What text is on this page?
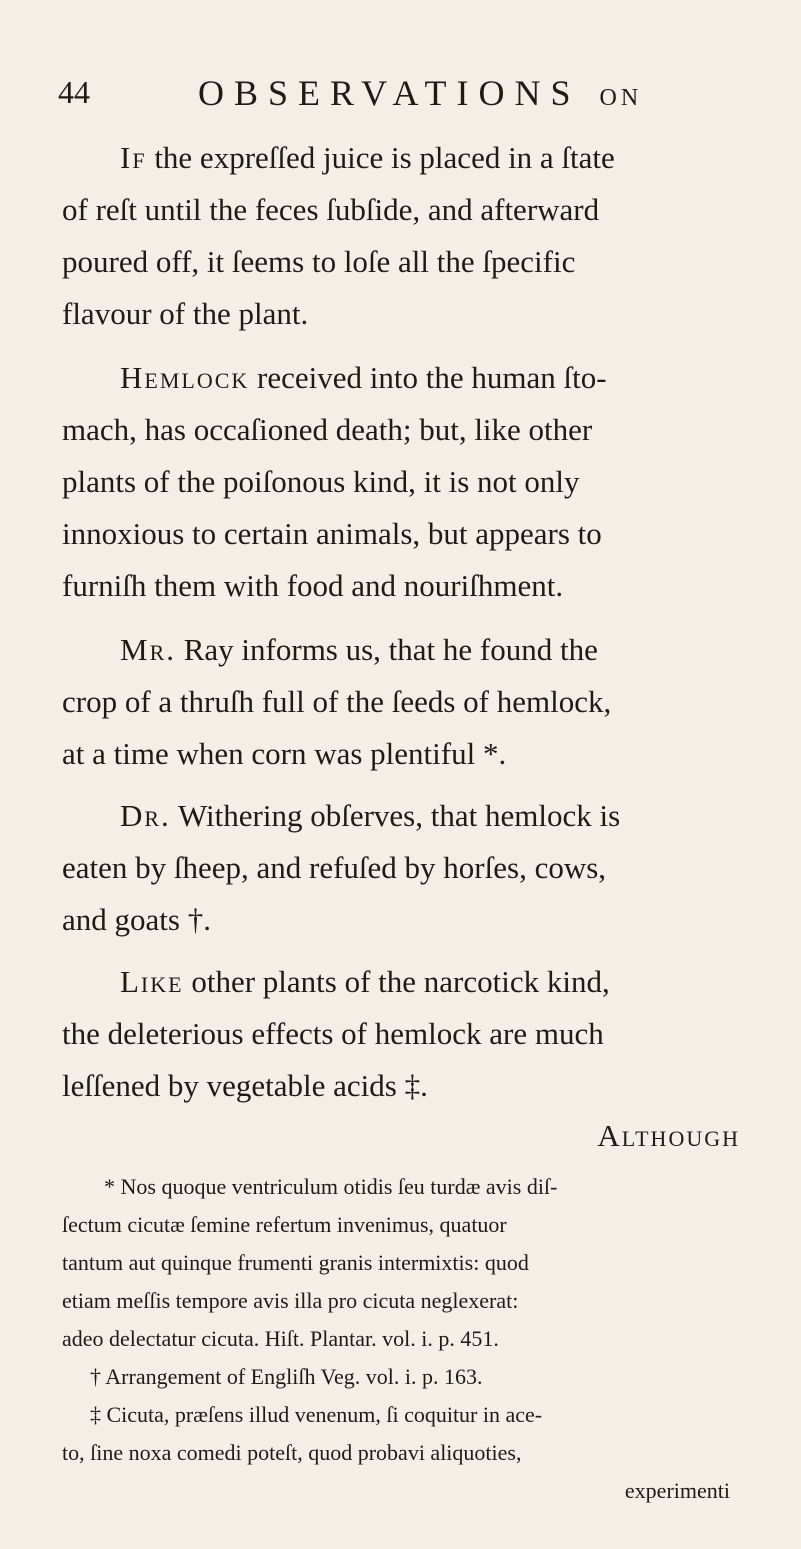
44	OBSERVATIONS ON

If the expreſſed juice is placed in a ſtate
of reſt until the feces ſubſide, and afterward
poured off, it ſeems to loſe all the ſpecific
flavour of the plant.

Hemlock received into the human ſto-
mach, has occaſioned death; but, like other
plants of the poiſonous kind, it is not only
innoxious to certain animals, but appears to
furniſh them with food and nouriſhment.

Mr. Ray informs us, that he found the
crop of a thruſh full of the ſeeds of hemlock,
at a time when corn was plentiful *.

Dr. Withering obſerves, that hemlock is
eaten by ſheep, and refuſed by horſes, cows,
and goats †.

Like other plants of the narcotick kind,
the deleterious effects of hemlock are much
leſſened by vegetable acids ‡.

Although
* Nos quoque ventriculum otidis ſeu turdæ avis diſ-
ſectum cicutæ ſemine refertum invenimus, quatuor
tantum aut quinque frumenti granis intermixtis: quod
etiam meſſis tempore avis illa pro cicuta neglexerat:
adeo delectatur cicuta. Hiſt. Plantar. vol. i. p. 451.
† Arrangement of Engliſh Veg. vol. i. p. 163.
‡ Cicuta, præſens illud venenum, ſi coquitur in ace-
to, ſine noxa comedi poteſt, quod probavi aliquoties,
experimenti
